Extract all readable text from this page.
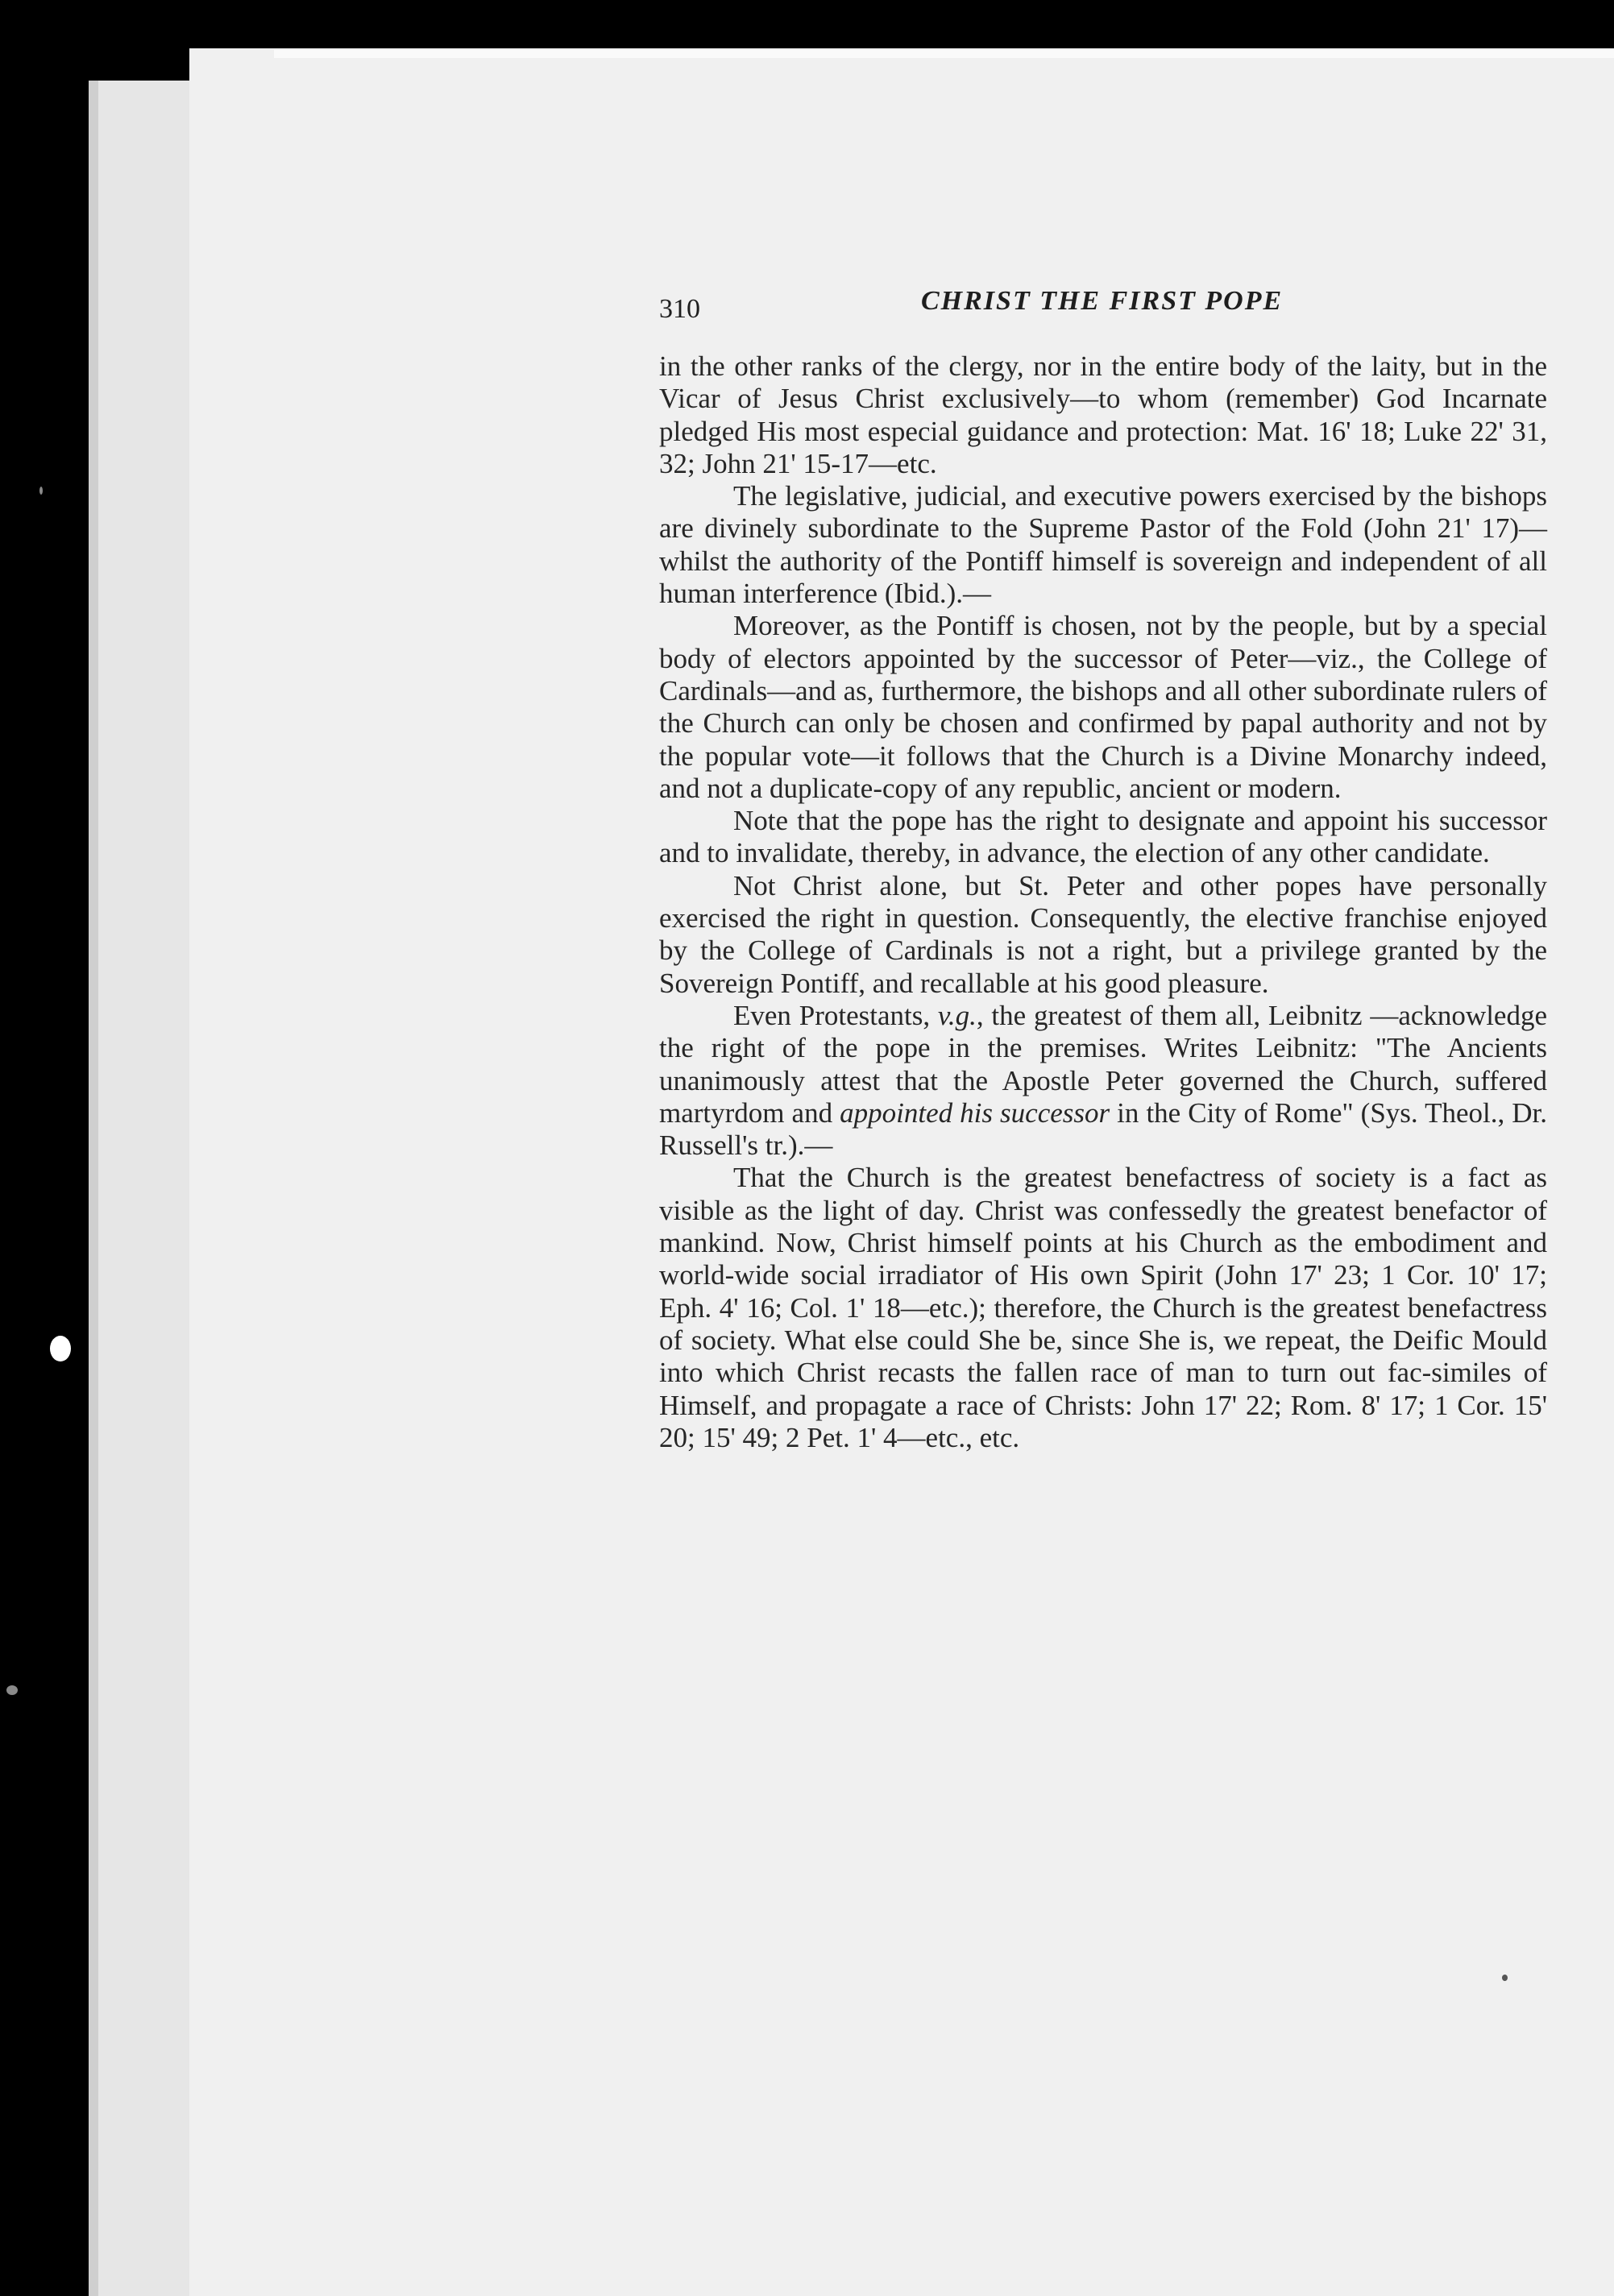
310	CHRIST THE FIRST POPE

in the other ranks of the clergy, nor in the entire body of the laity, but in the Vicar of Jesus Christ exclusively—to whom (remember) God Incarnate pledged His most especial guidance and protection: Mat. 16' 18; Luke 22' 31, 32; John 21' 15-17—etc.

The legislative, judicial, and executive powers exercised by the bishops are divinely subordinate to the Supreme Pastor of the Fold (John 21' 17)—whilst the authority of the Pontiff himself is sovereign and independent of all human interference (Ibid.).—

Moreover, as the Pontiff is chosen, not by the people, but by a special body of electors appointed by the successor of Peter—viz., the College of Cardinals—and as, furthermore, the bishops and all other subordinate rulers of the Church can only be chosen and confirmed by papal authority and not by the popular vote—it follows that the Church is a Divine Monarchy indeed, and not a duplicate-copy of any republic, ancient or modern.

Note that the pope has the right to designate and appoint his successor and to invalidate, thereby, in advance, the election of any other candidate.

Not Christ alone, but St. Peter and other popes have personally exercised the right in question. Consequently, the elective franchise enjoyed by the College of Cardinals is not a right, but a privilege granted by the Sovereign Pontiff, and recallable at his good pleasure.

Even Protestants, v.g., the greatest of them all, Leibnitz —acknowledge the right of the pope in the premises. Writes Leibnitz: "The Ancients unanimously attest that the Apostle Peter governed the Church, suffered martyrdom and appointed his successor in the City of Rome" (Sys. Theol., Dr. Russell's tr.).—

That the Church is the greatest benefactress of society is a fact as visible as the light of day. Christ was confessedly the greatest benefactor of mankind. Now, Christ himself points at his Church as the embodiment and world-wide social irradiator of His own Spirit (John 17' 23; 1 Cor. 10' 17; Eph. 4' 16; Col. 1' 18—etc.); therefore, the Church is the greatest benefactress of society. What else could She be, since She is, we repeat, the Deific Mould into which Christ recasts the fallen race of man to turn out fac-similes of Himself, and propagate a race of Christs: John 17' 22; Rom. 8' 17; 1 Cor. 15' 20; 15' 49; 2 Pet. 1' 4—etc., etc.
